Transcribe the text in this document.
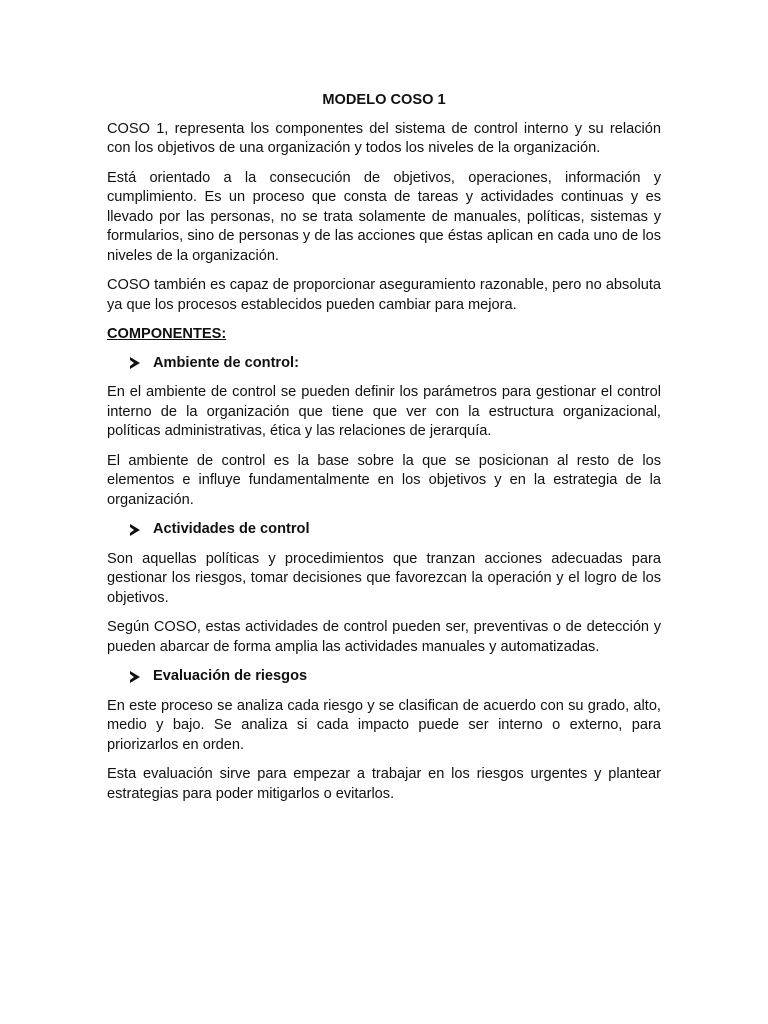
MODELO COSO 1

COSO 1, representa los componentes del sistema de control interno y su relación con los objetivos de una organización y todos los niveles de la organización.

Está orientado a la consecución de objetivos, operaciones, información y cumplimiento. Es un proceso que consta de tareas y actividades continuas y es llevado por las personas, no se trata solamente de manuales, políticas, sistemas y formularios, sino de personas y de las acciones que éstas aplican en cada uno de los niveles de la organización.

COSO también es capaz de proporcionar aseguramiento razonable, pero no absoluta ya que los procesos establecidos pueden cambiar para mejora.

COMPONENTES:
Ambiente de control:

En el ambiente de control se pueden definir los parámetros para gestionar el control interno de la organización que tiene que ver con la estructura organizacional, políticas administrativas, ética y las relaciones de jerarquía.

El ambiente de control es la base sobre la que se posicionan al resto de los elementos e influye fundamentalmente en los objetivos y en la estrategia de la organización.

Actividades de control

Son aquellas políticas y procedimientos que tranzan acciones adecuadas para gestionar los riesgos, tomar decisiones que favorezcan la operación y el logro de los objetivos.

Según COSO, estas actividades de control pueden ser, preventivas o de detección y pueden abarcar de forma amplia las actividades manuales y automatizadas.

Evaluación de riesgos

En este proceso se analiza cada riesgo y se clasifican de acuerdo con su grado, alto, medio y bajo. Se analiza si cada impacto puede ser interno o externo, para priorizarlos en orden.

Esta evaluación sirve para empezar a trabajar en los riesgos urgentes y plantear estrategias para poder mitigarlos o evitarlos.
